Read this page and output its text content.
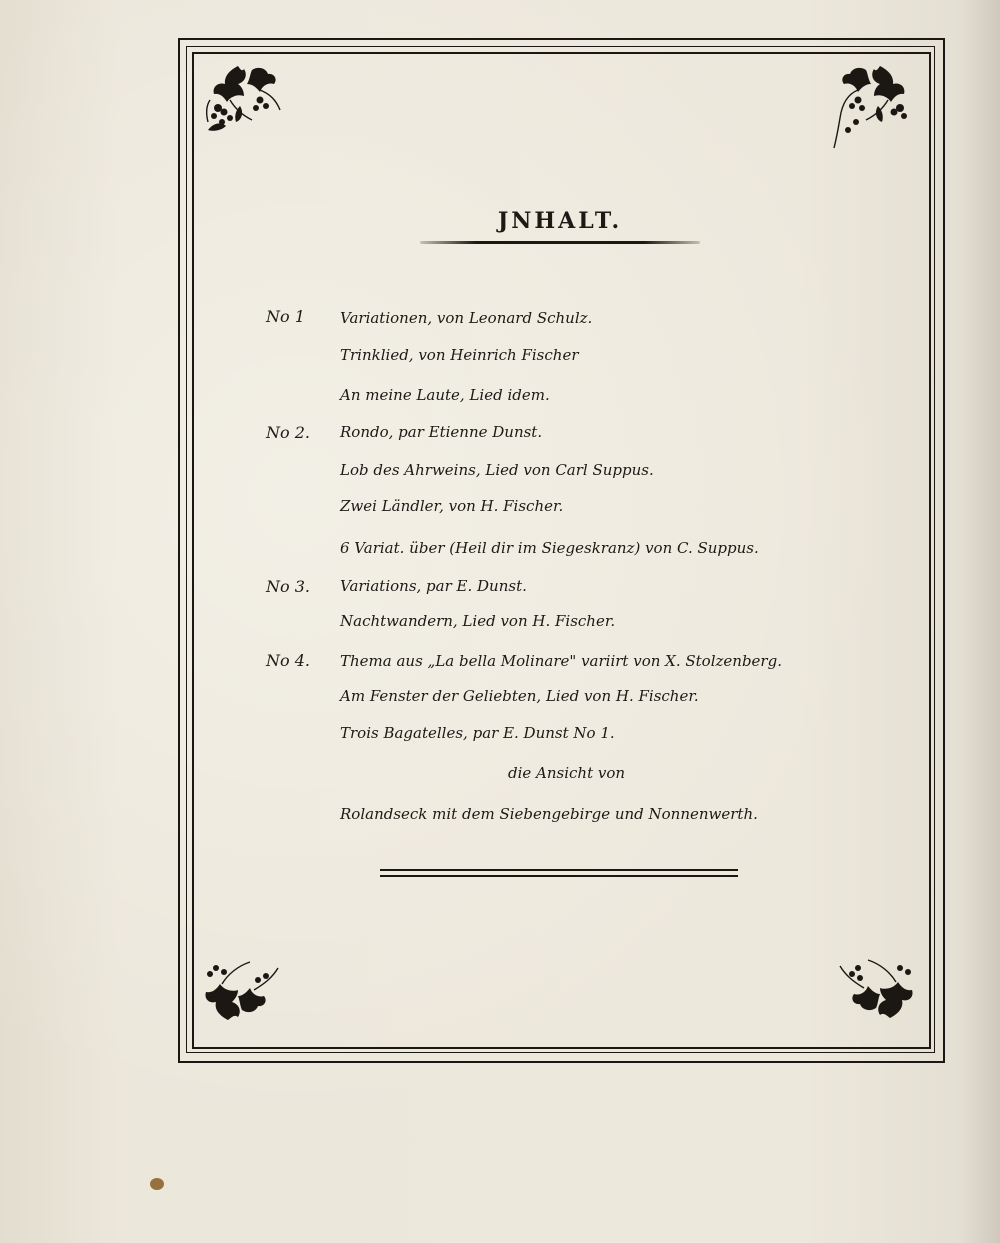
JNHALT.
No 1 Variationen, von Leonard Schulz.
Trinklied, von Heinrich Fischer
An meine Laute, Lied idem.
No 2. Rondo, par Etienne Dunst.
Lob des Ahrweins, Lied von Carl Suppus.
Zwei Ländler, von H. Fischer.
6 Variat. über (Heil dir im Siegeskranz) von C. Suppus.
No 3. Variations, par E. Dunst.
Nachtwandern, Lied von H. Fischer.
No 4. Thema aus „La bella Molinare" variirt von X. Stolzenberg.
Am Fenster der Geliebten, Lied von H. Fischer.
Trois Bagatelles, par E. Dunst No 1.
die Ansicht von
Rolandseck mit dem Siebengebirge und Nonnenwerth.
